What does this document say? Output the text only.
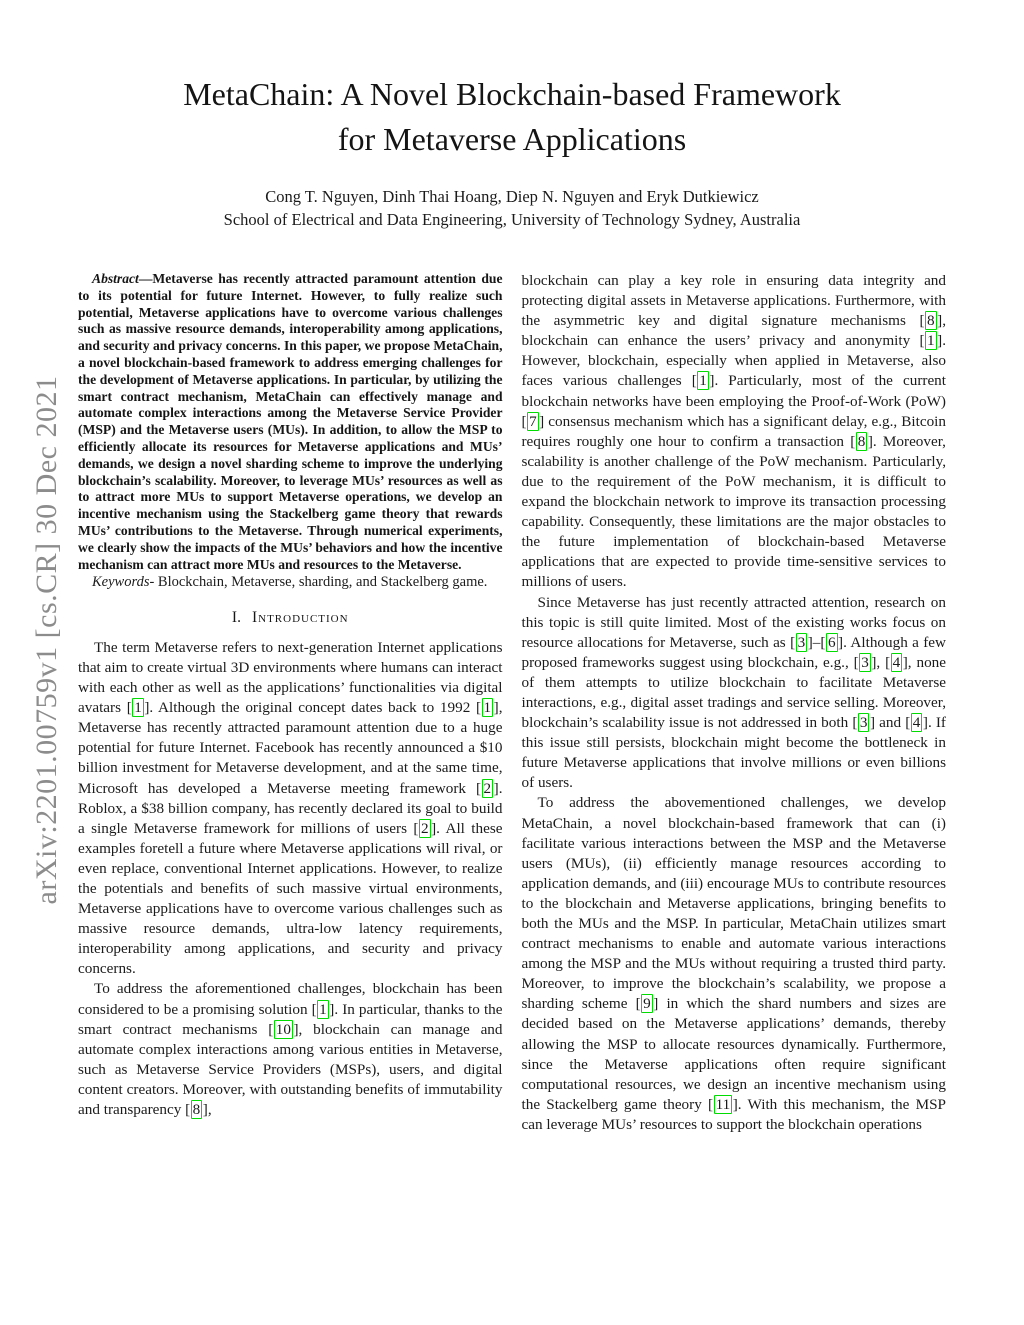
arXiv:2201.00759v1 [cs.CR] 30 Dec 2021
MetaChain: A Novel Blockchain-based Framework
for Metaverse Applications
Cong T. Nguyen, Dinh Thai Hoang, Diep N. Nguyen and Eryk Dutkiewicz
School of Electrical and Data Engineering, University of Technology Sydney, Australia

Abstract—Metaverse has recently attracted paramount attention due to its potential for future Internet. However, to fully realize such potential, Metaverse applications have to overcome various challenges such as massive resource demands, interoperability among applications, and security and privacy concerns. In this paper, we propose MetaChain, a novel blockchain-based framework to address emerging challenges for the development of Metaverse applications. In particular, by utilizing the smart contract mechanism, MetaChain can effectively manage and automate complex interactions among the Metaverse Service Provider (MSP) and the Metaverse users (MUs). In addition, to allow the MSP to efficiently allocate its resources for Metaverse applications and MUs’ demands, we design a novel sharding scheme to improve the underlying blockchain’s scalability. Moreover, to leverage MUs’ resources as well as to attract more MUs to support Metaverse operations, we develop an incentive mechanism using the Stackelberg game theory that rewards MUs’ contributions to the Metaverse. Through numerical experiments, we clearly show the impacts of the MUs’ behaviors and how the incentive mechanism can attract more MUs and resources to the Metaverse.

Keywords- Blockchain, Metaverse, sharding, and Stackelberg game.

I. Introduction

The term Metaverse refers to next-generation Internet applications that aim to create virtual 3D environments where humans can interact with each other as well as the applications’ functionalities via digital avatars [ 1 ]. Although the original concept dates back to 1992 [ 1 ], Metaverse has recently attracted paramount attention due to a huge potential for future Internet. Facebook has recently announced a $10 billion investment for Metaverse development, and at the same time, Microsoft has developed a Metaverse meeting framework [ 2 ]. Roblox, a $38 billion company, has recently declared its goal to build a single Metaverse framework for millions of users [ 2 ]. All these examples foretell a future where Metaverse applications will rival, or even replace, conventional Internet applications. However, to realize the potentials and benefits of such massive virtual environments, Metaverse applications have to overcome various challenges such as massive resource demands, ultra-low latency requirements, interoperability among applications, and security and privacy concerns.

To address the aforementioned challenges, blockchain has been considered to be a promising solution [ 1 ]. In particular, thanks to the smart contract mechanisms [ 10 ], blockchain can manage and automate complex interactions among various entities in Metaverse, such as Metaverse Service Providers (MSPs), users, and digital content creators. Moreover, with outstanding benefits of immutability and transparency [ 8 ],

blockchain can play a key role in ensuring data integrity and protecting digital assets in Metaverse applications. Furthermore, with the asymmetric key and digital signature mechanisms [ 8 ], blockchain can enhance the users’ privacy and anonymity [ 1 ]. However, blockchain, especially when applied in Metaverse, also faces various challenges [ 1 ]. Particularly, most of the current blockchain networks have been employing the Proof-of-Work (PoW) [ 7 ] consensus mechanism which has a significant delay, e.g., Bitcoin requires roughly one hour to confirm a transaction [ 8 ]. Moreover, scalability is another challenge of the PoW mechanism. Particularly, due to the requirement of the PoW mechanism, it is difficult to expand the blockchain network to improve its transaction processing capability. Consequently, these limitations are the major obstacles to the future implementation of blockchain-based Metaverse applications that are expected to provide time-sensitive services to millions of users.

Since Metaverse has just recently attracted attention, research on this topic is still quite limited. Most of the existing works focus on resource allocations for Metaverse, such as [ 3 ]–[ 6 ]. Although a few proposed frameworks suggest using blockchain, e.g., [ 3 ], [ 4 ], none of them attempts to utilize blockchain to facilitate Metaverse interactions, e.g., digital asset tradings and service selling. Moreover, blockchain’s scalability issue is not addressed in both [ 3 ] and [ 4 ]. If this issue still persists, blockchain might become the bottleneck in future Metaverse applications that involve millions or even billions of users.

To address the abovementioned challenges, we develop MetaChain, a novel blockchain-based framework that can (i) facilitate various interactions between the MSP and the Metaverse users (MUs), (ii) efficiently manage resources according to application demands, and (iii) encourage MUs to contribute resources to the blockchain and Metaverse applications, bringing benefits to both the MUs and the MSP. In particular, MetaChain utilizes smart contract mechanisms to enable and automate various interactions among the MSP and the MUs without requiring a trusted third party. Moreover, to improve the blockchain’s scalability, we propose a sharding scheme [ 9 ] in which the shard numbers and sizes are decided based on the Metaverse applications’ demands, thereby allowing the MSP to allocate resources dynamically. Furthermore, since the Metaverse applications often require significant computational resources, we design an incentive mechanism using the Stackelberg game theory [ 11 ]. With this mechanism, the MSP can leverage MUs’ resources to support the blockchain operations
